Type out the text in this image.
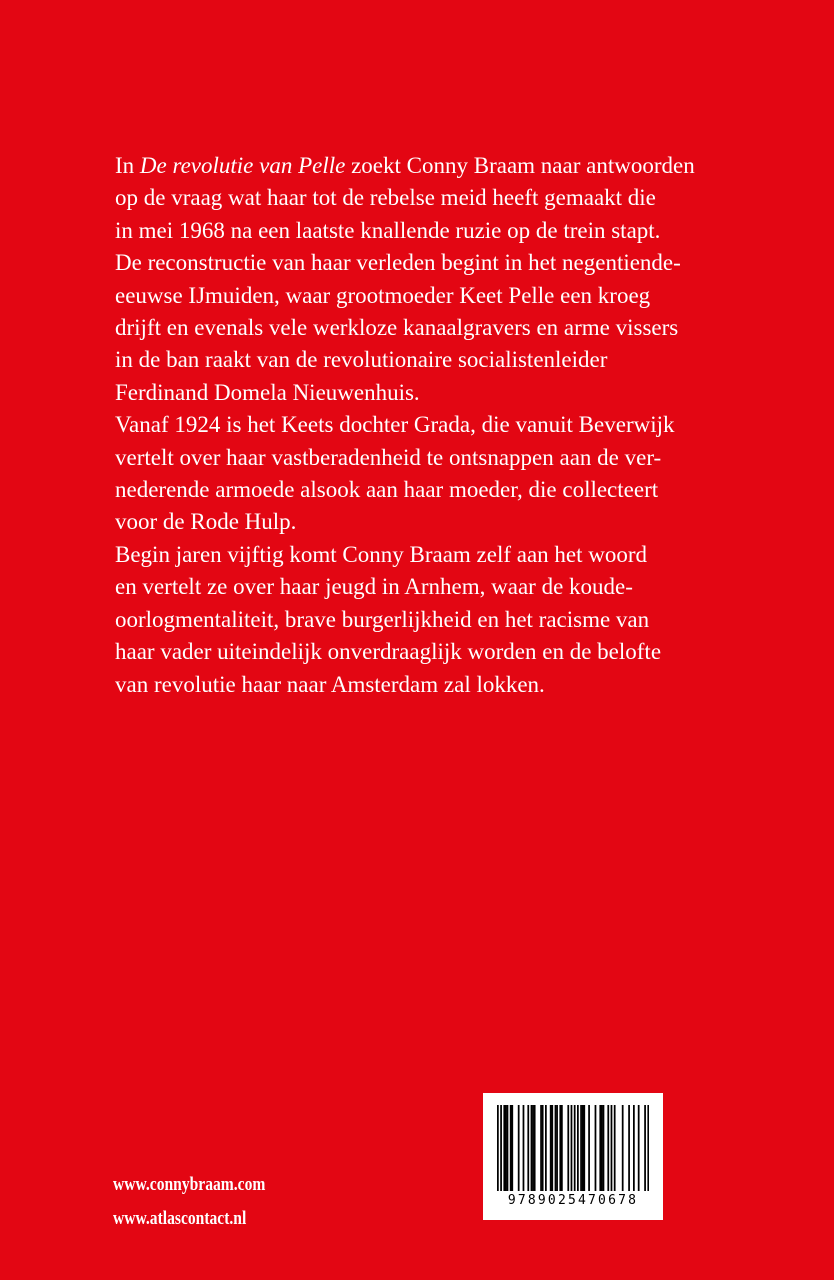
In De revolutie van Pelle zoekt Conny Braam naar antwoorden
op de vraag wat haar tot de rebelse meid heeft gemaakt die
in mei 1968 na een laatste knallende ruzie op de trein stapt.
De reconstructie van haar verleden begint in het negentiende-
eeuwse IJmuiden, waar grootmoeder Keet Pelle een kroeg
drijft en evenals vele werkloze kanaalgravers en arme vissers
in de ban raakt van de revolutionaire socialistenleider
Ferdinand Domela Nieuwenhuis.

Vanaf 1924 is het Keets dochter Grada, die vanuit Beverwijk
vertelt over haar vastberadenheid te ontsnappen aan de ver-
nederende armoede alsook aan haar moeder, die collecteert
voor de Rode Hulp.

Begin jaren vijftig komt Conny Braam zelf aan het woord
en vertelt ze over haar jeugd in Arnhem, waar de koude-
oorlogmentaliteit, brave burgerlijkheid en het racisme van
haar vader uiteindelijk onverdraaglijk worden en de belofte
van revolutie haar naar Amsterdam zal lokken.

www.connybraam.com
www.atlascontact.nl
9789025470678
